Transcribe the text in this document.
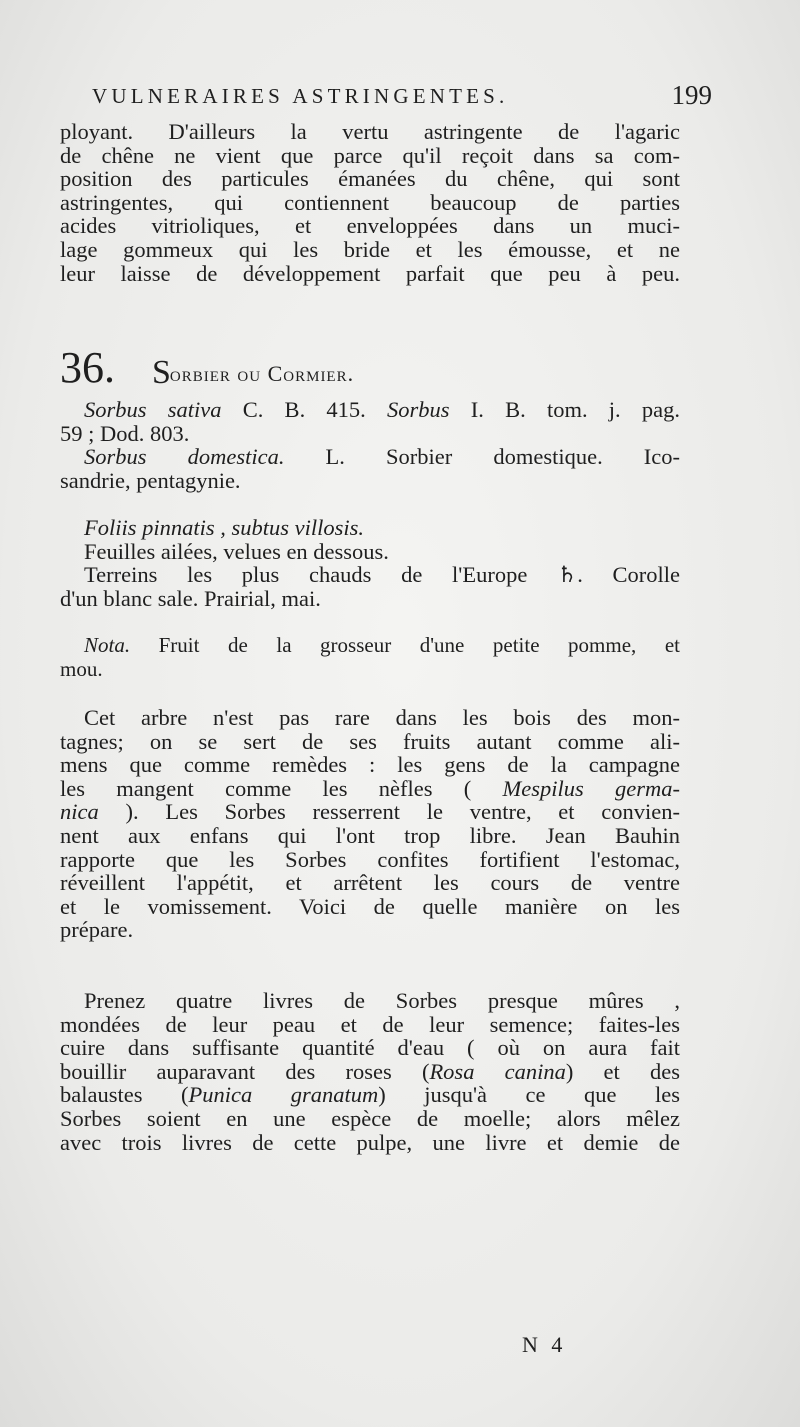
VULNERAIRES ASTRINGENTES.	199

ployant. D'ailleurs la vertu astringente de l'agaric

de chêne ne vient que parce qu'il reçoit dans sa com-

position des particules émanées du chêne, qui sont

astringentes, qui contiennent beaucoup de parties

acides vitrioliques, et enveloppées dans un muci-

lage gommeux qui les bride et les émousse, et ne

leur laisse de développement parfait que peu à peu.

36. Sorbier ou Cormier.

Sorbus sativa C. B. 415. Sorbus I. B. tom. j. pag.

59 ; Dod. 803.

Sorbus domestica. L. Sorbier domestique. Ico-

sandrie, pentagynie.

Foliis pinnatis , subtus villosis.

Feuilles ailées, velues en dessous.

Terreins les plus chauds de l'Europe ♄. Corolle

d'un blanc sale. Prairial, mai.

Nota. Fruit de la grosseur d'une petite pomme, et

mou.

Cet arbre n'est pas rare dans les bois des mon-

tagnes; on se sert de ses fruits autant comme ali-

mens que comme remèdes : les gens de la campagne

les mangent comme les nèfles ( Mespilus germa-

nica ). Les Sorbes resserrent le ventre, et convien-

nent aux enfans qui l'ont trop libre. Jean Bauhin

rapporte que les Sorbes confites fortifient l'estomac,

réveillent l'appétit, et arrêtent les cours de ventre

et le vomissement. Voici de quelle manière on les

prépare.

Prenez quatre livres de Sorbes presque mûres ,

mondées de leur peau et de leur semence; faites-les

cuire dans suffisante quantité d'eau ( où on aura fait

bouillir auparavant des roses (Rosa canina) et des

balaustes (Punica granatum) jusqu'à ce que les

Sorbes soient en une espèce de moelle; alors mêlez

avec trois livres de cette pulpe, une livre et demie de

N 4
